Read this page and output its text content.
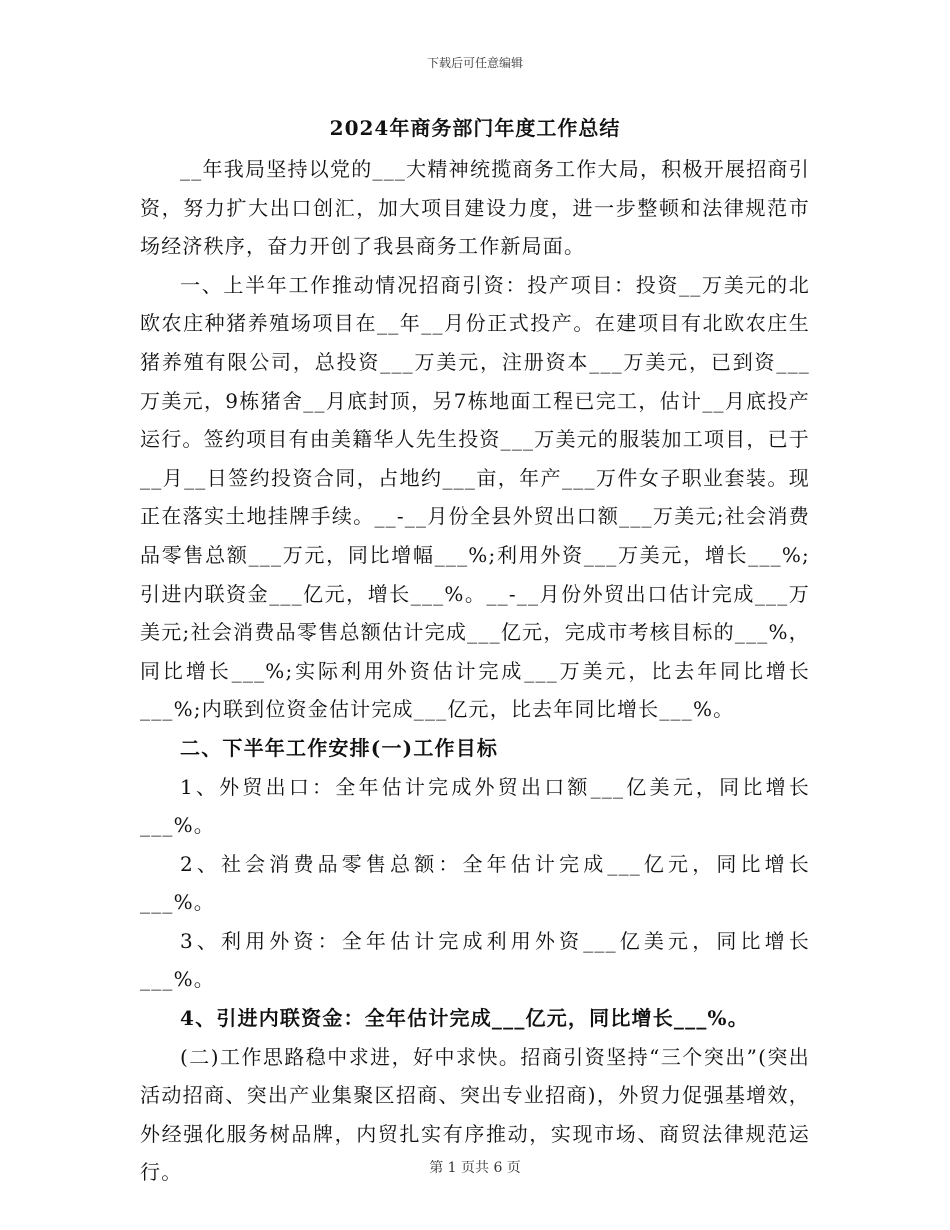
下载后可任意编辑
2024年商务部门年度工作总结

__年我局坚持以党的___大精神统揽商务工作大局，积极开展招商引资，努力扩大出口创汇，加大项目建设力度，进一步整顿和法律规范市场经济秩序，奋力开创了我县商务工作新局面。

一、上半年工作推动情况招商引资：投产项目：投资__万美元的北欧农庄种猪养殖场项目在__年__月份正式投产。在建项目有北欧农庄生猪养殖有限公司，总投资___万美元，注册资本___万美元，已到资___万美元，9栋猪舍__月底封顶，另7栋地面工程已完工，估计__月底投产运行。签约项目有由美籍华人先生投资___万美元的服装加工项目，已于__月__日签约投资合同，占地约___亩，年产___万件女子职业套装。现正在落实土地挂牌手续。__-__月份全县外贸出口额___万美元;社会消费品零售总额___万元，同比增幅___%;利用外资___万美元，增长___%;引进内联资金___亿元，增长___%。__-__月份外贸出口估计完成___万美元;社会消费品零售总额估计完成___亿元，完成市考核目标的___%，同比增长___%;实际利用外资估计完成___万美元，比去年同比增长___%;内联到位资金估计完成___亿元，比去年同比增长___%。

二、下半年工作安排(一)工作目标

1、外贸出口：全年估计完成外贸出口额___亿美元，同比增长___%。

2、社会消费品零售总额：全年估计完成___亿元，同比增长___%。

3、利用外资：全年估计完成利用外资___亿美元，同比增长___%。

4、引进内联资金：全年估计完成___亿元，同比增长___%。

(二)工作思路稳中求进，好中求快。招商引资坚持“三个突出”(突出活动招商、突出产业集聚区招商、突出专业招商)，外贸力促强基增效，外经强化服务树品牌，内贸扎实有序推动，实现市场、商贸法律规范运行。	第 1 页共 6 页
